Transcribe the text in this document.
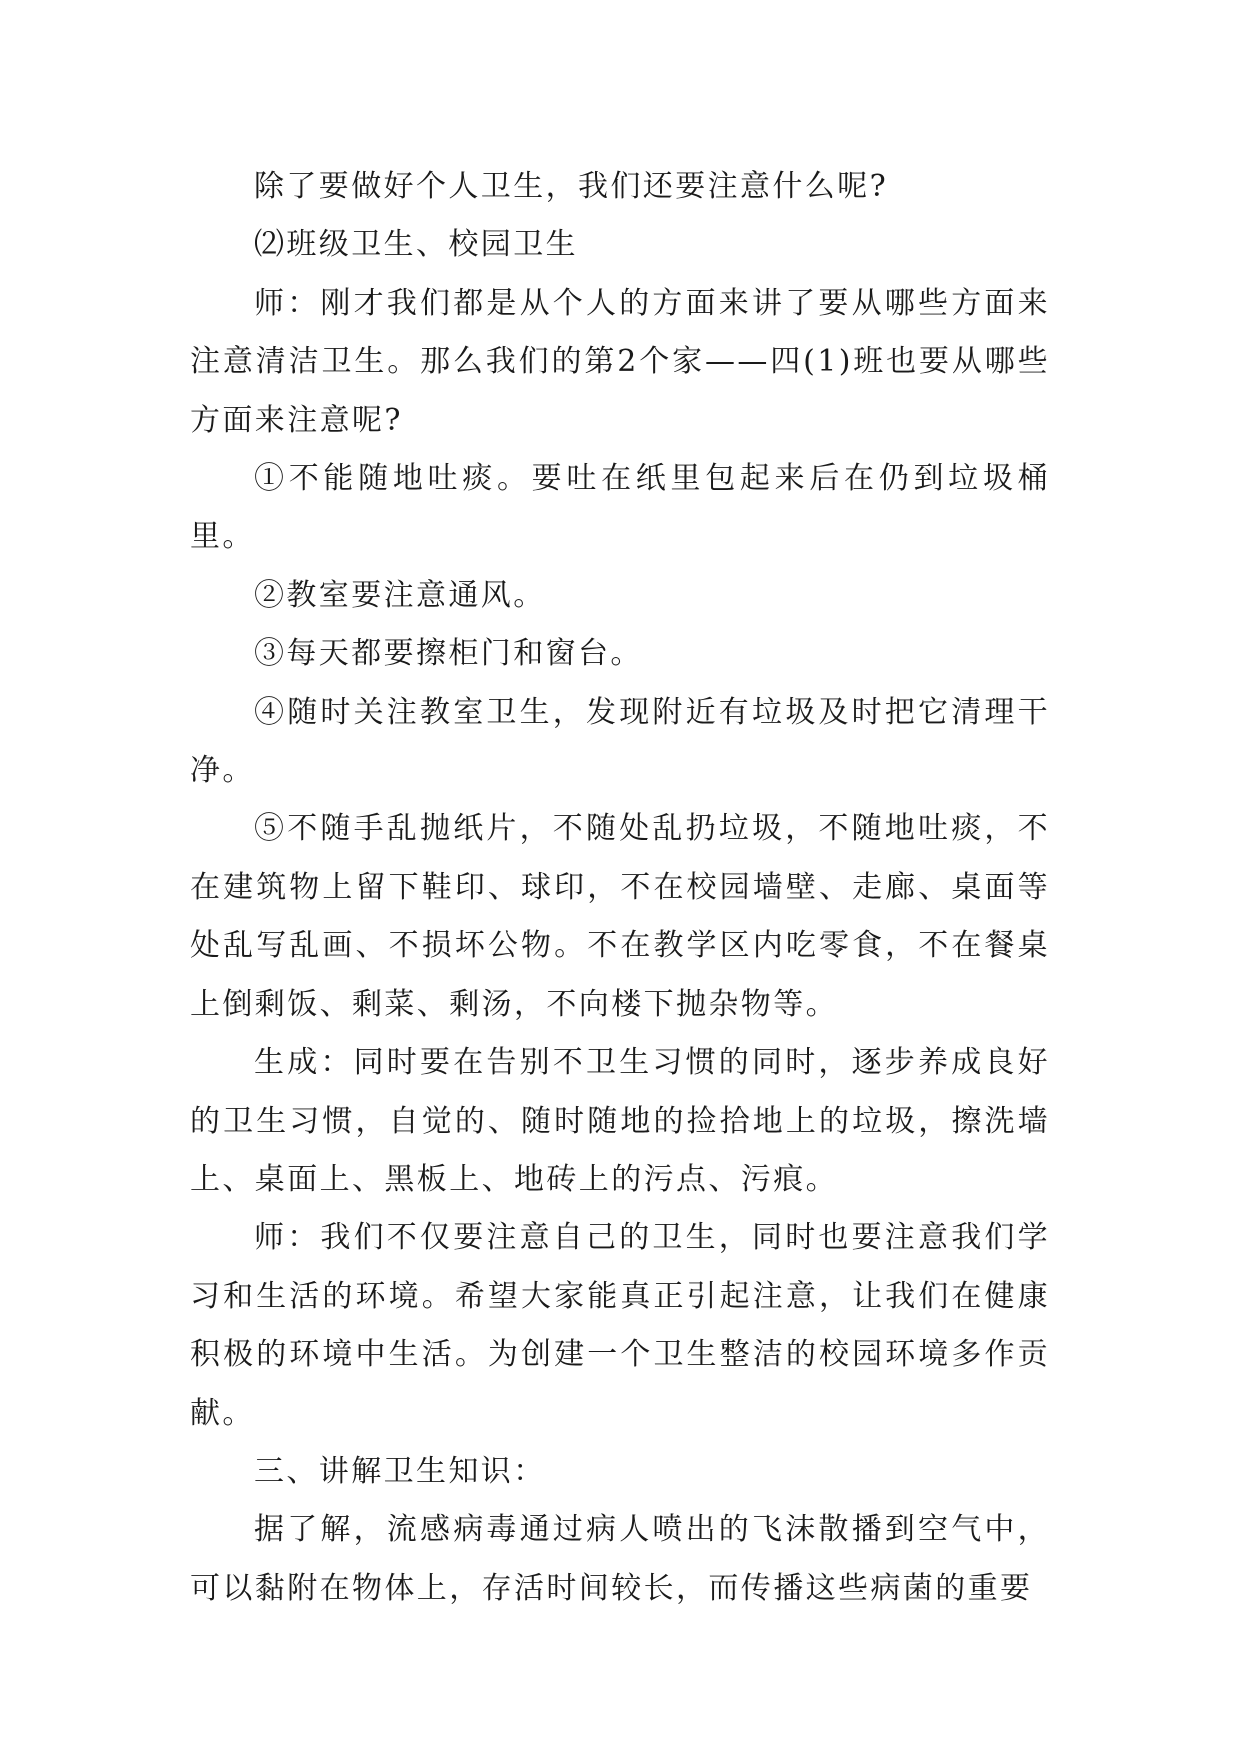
除了要做好个人卫生，我们还要注意什么呢?

⑵班级卫生、校园卫生

师：刚才我们都是从个人的方面来讲了要从哪些方面来注意清洁卫生。那么我们的第2个家——四(1)班也要从哪些方面来注意呢?

①不能随地吐痰。要吐在纸里包起来后在仍到垃圾桶里。

②教室要注意通风。

③每天都要擦柜门和窗台。

④随时关注教室卫生，发现附近有垃圾及时把它清理干净。

⑤不随手乱抛纸片，不随处乱扔垃圾，不随地吐痰，不在建筑物上留下鞋印、球印，不在校园墙壁、走廊、桌面等处乱写乱画、不损坏公物。不在教学区内吃零食，不在餐桌上倒剩饭、剩菜、剩汤，不向楼下抛杂物等。

生成：同时要在告别不卫生习惯的同时，逐步养成良好的卫生习惯，自觉的、随时随地的捡拾地上的垃圾，擦洗墙上、桌面上、黑板上、地砖上的污点、污痕。

师：我们不仅要注意自己的卫生，同时也要注意我们学习和生活的环境。希望大家能真正引起注意，让我们在健康积极的环境中生活。为创建一个卫生整洁的校园环境多作贡献。

三、讲解卫生知识：

据了解，流感病毒通过病人喷出的飞沫散播到空气中，可以黏附在物体上，存活时间较长，而传播这些病菌的重要
